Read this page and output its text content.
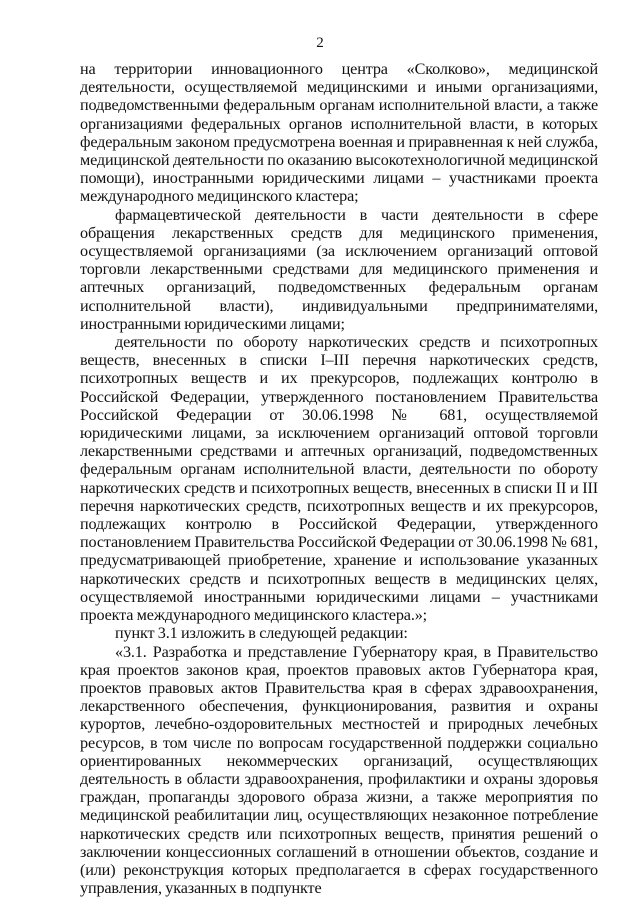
2

на территории инновационного центра «Сколково», медицинской деятельности, осуществляемой медицинскими и иными организациями, подведомственными федеральным органам исполнительной власти, а также организациями федеральных органов исполнительной власти, в которых федеральным законом предусмотрена военная и приравненная к ней служба, медицинской деятельности по оказанию высокотехнологичной медицинской помощи), иностранными юридическими лицами – участниками проекта международного медицинского кластера;

фармацевтической деятельности в части деятельности в сфере обращения лекарственных средств для медицинского применения, осуществляемой организациями (за исключением организаций оптовой торговли лекарственными средствами для медицинского применения и аптечных организаций, подведомственных федеральным органам исполнительной власти), индивидуальными предпринимателями, иностранными юридическими лицами;

деятельности по обороту наркотических средств и психотропных веществ, внесенных в списки I–III перечня наркотических средств, психотропных веществ и их прекурсоров, подлежащих контролю в Российской Федерации, утвержденного постановлением Правительства Российской Федерации от 30.06.1998 № 681, осуществляемой юридическими лицами, за исключением организаций оптовой торговли лекарственными средствами и аптечных организаций, подведомственных федеральным органам исполнительной власти, деятельности по обороту наркотических средств и психотропных веществ, внесенных в списки II и III перечня наркотических средств, психотропных веществ и их прекурсоров, подлежащих контролю в Российской Федерации, утвержденного постановлением Правительства Российской Федерации от 30.06.1998 № 681, предусматривающей приобретение, хранение и использование указанных наркотических средств и психотропных веществ в медицинских целях, осуществляемой иностранными юридическими лицами – участниками проекта международного медицинского кластера.»;

пункт 3.1 изложить в следующей редакции:

«3.1. Разработка и представление Губернатору края, в Правительство края проектов законов края, проектов правовых актов Губернатора края, проектов правовых актов Правительства края в сферах здравоохранения, лекарственного обеспечения, функционирования, развития и охраны курортов, лечебно-оздоровительных местностей и природных лечебных ресурсов, в том числе по вопросам государственной поддержки социально ориентированных некоммерческих организаций, осуществляющих деятельность в области здравоохранения, профилактики и охраны здоровья граждан, пропаганды здорового образа жизни, а также мероприятия по медицинской реабилитации лиц, осуществляющих незаконное потребление наркотических средств или психотропных веществ, принятия решений о заключении концессионных соглашений в отношении объектов, создание и (или) реконструкция которых предполагается в сферах государственного управления, указанных в подпункте
